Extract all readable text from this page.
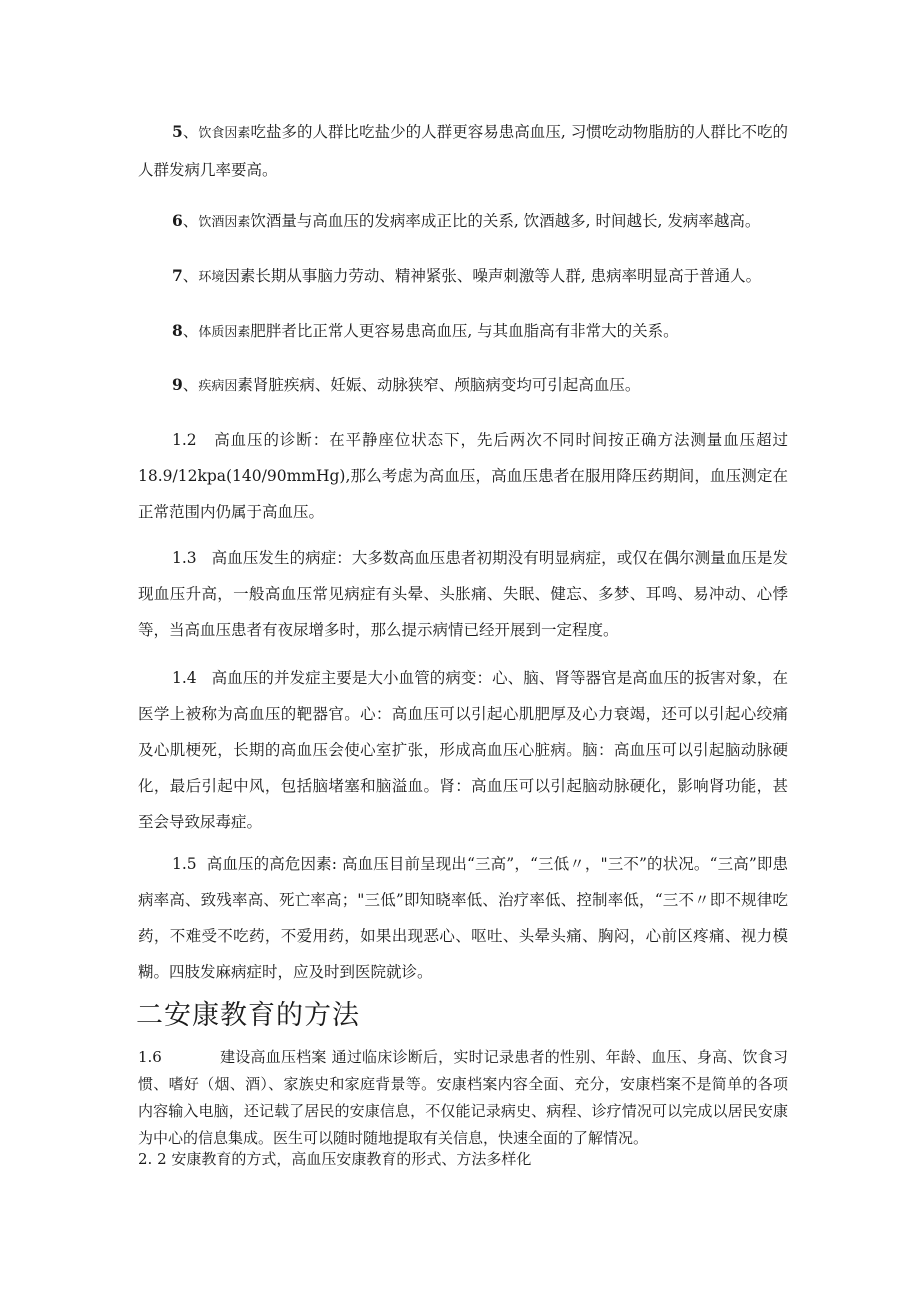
5、饮食因素吃盐多的人群比吃盐少的人群更容易患高血压, 习惯吃动物脂肪的人群比不吃的人群发病几率要高。

6、饮酒因素饮酒量与高血压的发病率成正比的关系, 饮酒越多, 时间越长, 发病率越高。

7、环境因素长期从事脑力劳动、精神紧张、噪声刺激等人群, 患病率明显高于普通人。

8、体质因素肥胖者比正常人更容易患高血压, 与其血脂高有非常大的关系。

9、疾病因素肾脏疾病、妊娠、动脉狭窄、颅脑病变均可引起高血压。

1.2 高血压的诊断：在平静座位状态下，先后两次不同时间按正确方法测量血压超过18.9/12kpa(140/90mmHg),那么考虑为高血压，高血压患者在服用降压药期间，血压测定在正常范围内仍属于高血压。

1.3 高血压发生的病症：大多数高血压患者初期没有明显病症，或仅在偶尔测量血压是发现血压升高，一般高血压常见病症有头晕、头胀痛、失眠、健忘、多梦、耳鸣、易冲动、心悸等，当高血压患者有夜尿增多时，那么提示病情已经开展到一定程度。

1.4 高血压的并发症主要是大小血管的病变：心、脑、肾等器官是高血压的扳害对象，在医学上被称为高血压的靶器官。心：高血压可以引起心肌肥厚及心力衰竭，还可以引起心绞痛及心肌梗死，长期的高血压会使心室扩张，形成高血压心脏病。脑：高血压可以引起脑动脉硬化，最后引起中风，包括脑堵塞和脑溢血。肾：高血压可以引起脑动脉硬化，影响肾功能，甚至会导致尿毒症。

1.5 高血压的高危因素: 高血压目前呈现出“三高”，“三低〃，"三不”的状况。“三高”即患病率高、致残率高、死亡率高；"三低”即知晓率低、治疗率低、控制率低，“三不〃即不规律吃药，不难受不吃药，不爱用药，如果出现恶心、呕吐、头晕头痛、胸闷，心前区疼痛、视力模糊。四肢发麻病症时，应及时到医院就诊。

二安康教育的方法

1.6	建设高血压档案 通过临床诊断后，实时记录患者的性别、年龄、血压、身高、饮食习惯、嗜好（烟、酒）、家族史和家庭背景等。安康档案内容全面、充分，安康档案不是简单的各项内容输入电脑，还记载了居民的安康信息，不仅能记录病史、病程、诊疗情况可以完成以居民安康为中心的信息集成。医生可以随时随地提取有关信息，快速全面的了解情况。

2. 2 安康教育的方式，高血压安康教育的形式、方法多样化
